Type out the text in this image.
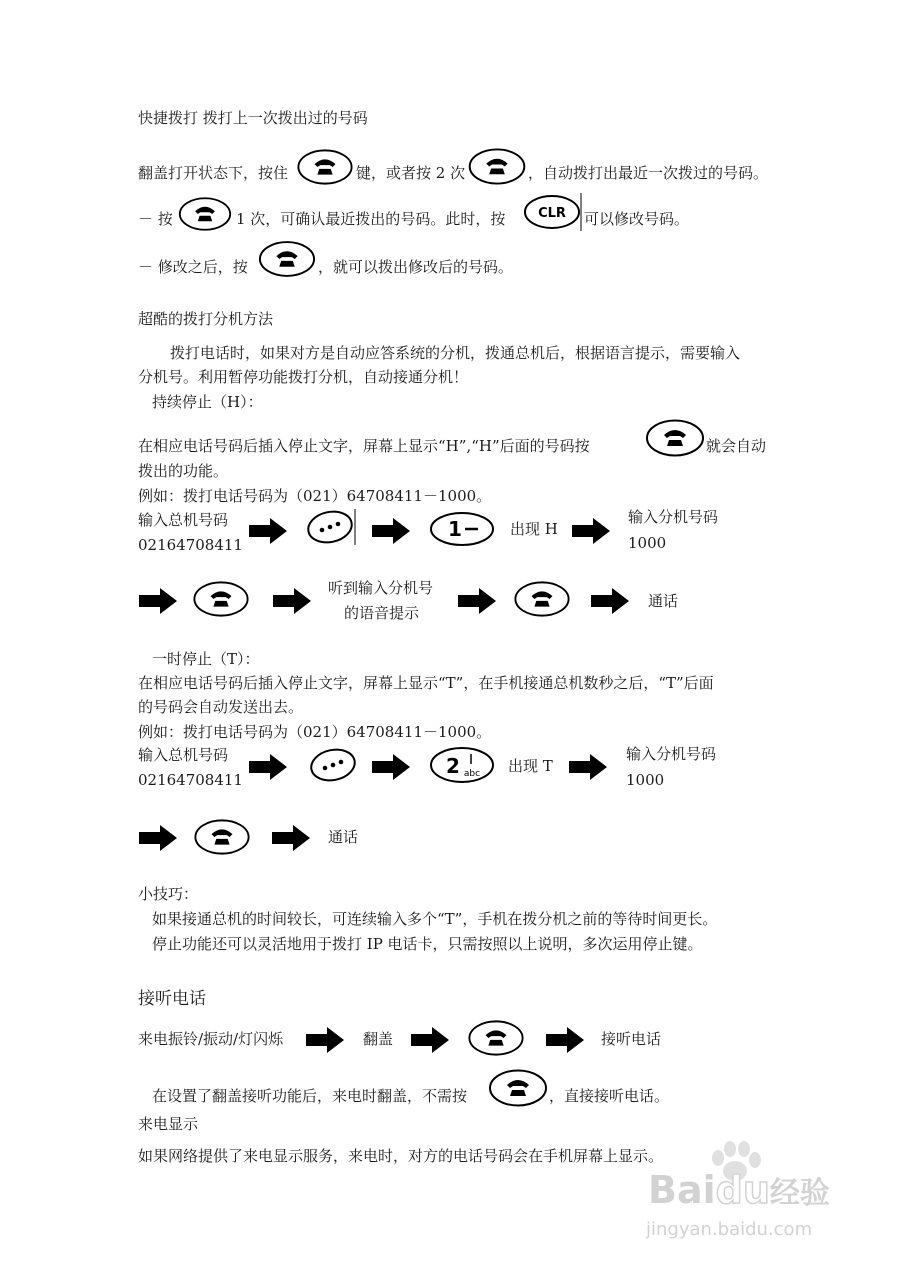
快捷拨打 拨打上一次拨出过的号码
翻盖打开状态下，按住	键，或者按 2 次	，自动拨打出最近一次拨过的号码。
－ 按	1 次，可确认最近拨出的号码。此时，按	CLR 可以修改号码。
－ 修改之后，按	，就可以拨出修改后的号码。
超酷的拨打分机方法
拨打电话时，如果对方是自动应答系统的分机，拨通总机后，根据语言提示，需要输入
分机号。利用暂停功能拨打分机，自动接通分机！
持续停止（H）：
在相应电话号码后插入停止文字，屏幕上显示“H”,“H”后面的号码按	就会自动
拨出的功能。
例如：拨打电话号码为（021）64708411－1000。
输入总机号码
02164708411
1	出现 H
输入分机号码
1000
听到输入分机号
的语音提示
通话
一时停止（T）：
在相应电话号码后插入停止文字，屏幕上显示“T”，在手机接通总机数秒之后，“T”后面
的号码会自动发送出去。
例如：拨打电话号码为（021）64708411－1000。
输入总机号码
02164708411
2 abc 出现 T
输入分机号码
1000
通话
小技巧：
如果接通总机的时间较长，可连续输入多个“T”，手机在拨分机之前的等待时间更长。
停止功能还可以灵活地用于拨打 IP 电话卡，只需按照以上说明，多次运用停止键。
接听电话
来电振铃/振动/灯闪烁	翻盖	接听电话
在设置了翻盖接听功能后，来电时翻盖，不需按	，直接接听电话。
来电显示
如果网络提供了来电显示服务，来电时，对方的电话号码会在手机屏幕上显示。
Baidu经验
jingyan.baidu.com
